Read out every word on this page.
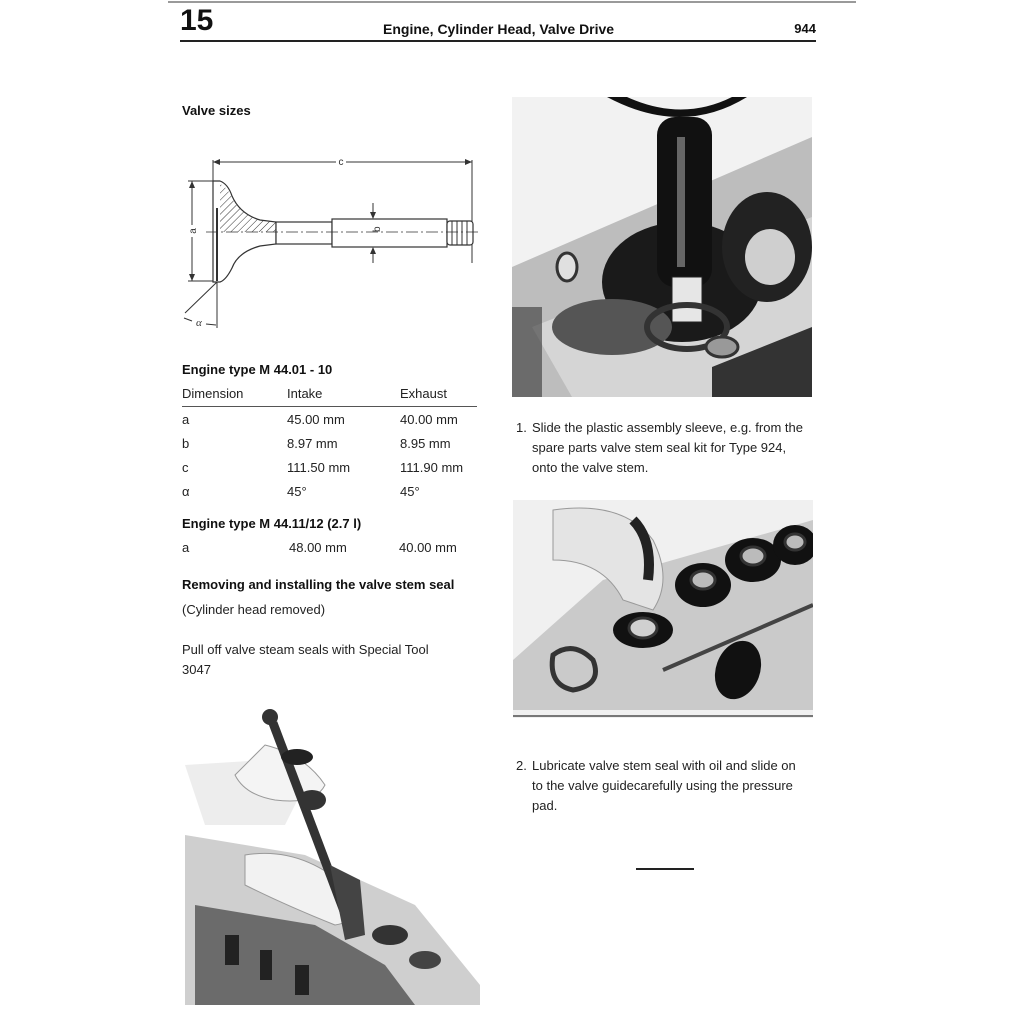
15	Engine, Cylinder Head, Valve Drive	944
Valve sizes
c
a	b
α
Engine type M 44.01 - 10
Dimension	Intake	Exhaust
a	45.00 mm	40.00 mm
b	8.97 mm	8.95 mm
c	111.50 mm	111.90 mm
α	45°	45°
Engine type M 44.11/12 (2.7 l)
a	48.00 mm	40.00 mm
Removing and installing the valve stem seal
(Cylinder head removed)
Pull off valve steam seals with Special Tool
3047
1. Slide the plastic assembly sleeve, e.g. from the spare parts valve stem seal kit for Type 924, onto the valve stem.
2. Lubricate valve stem seal with oil and slide on to the valve guidecarefully using the pressure pad.
